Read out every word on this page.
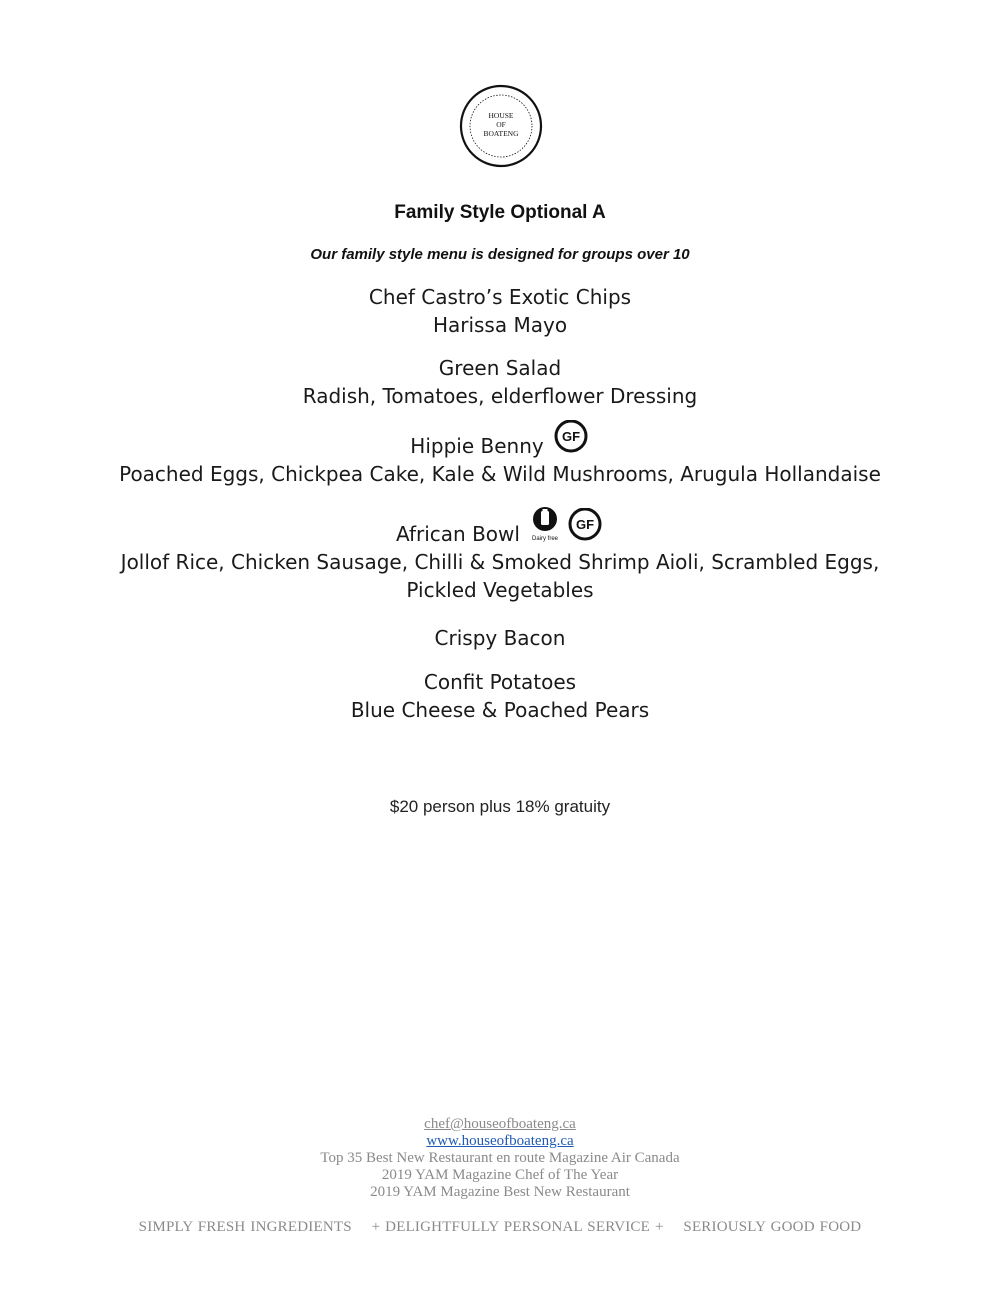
HOUSE
OF
BOATENG
Family Style Optional A
Our family style menu is designed for groups over 10
Chef Castro’s Exotic Chips
Harissa Mayo
Green Salad
Radish, Tomatoes, elderflower Dressing
Hippie Benny GF
Poached Eggs, Chickpea Cake, Kale & Wild Mushrooms, Arugula Hollandaise
African Bowl Dairy free
GF
Jollof Rice, Chicken Sausage, Chilli & Smoked Shrimp Aioli, Scrambled Eggs,
Pickled Vegetables
Crispy Bacon
Confit Potatoes
Blue Cheese & Poached Pears
$20 person plus 18% gratuity
chef@houseofboateng.ca
www.houseofboateng.ca
Top 35 Best New Restaurant en route Magazine Air Canada
2019 YAM Magazine Chef of The Year
2019 YAM Magazine Best New Restaurant
SIMPLY FRESH INGREDIENTS    + DELIGHTFULLY PERSONAL SERVICE +    SERIOUSLY GOOD FOOD
